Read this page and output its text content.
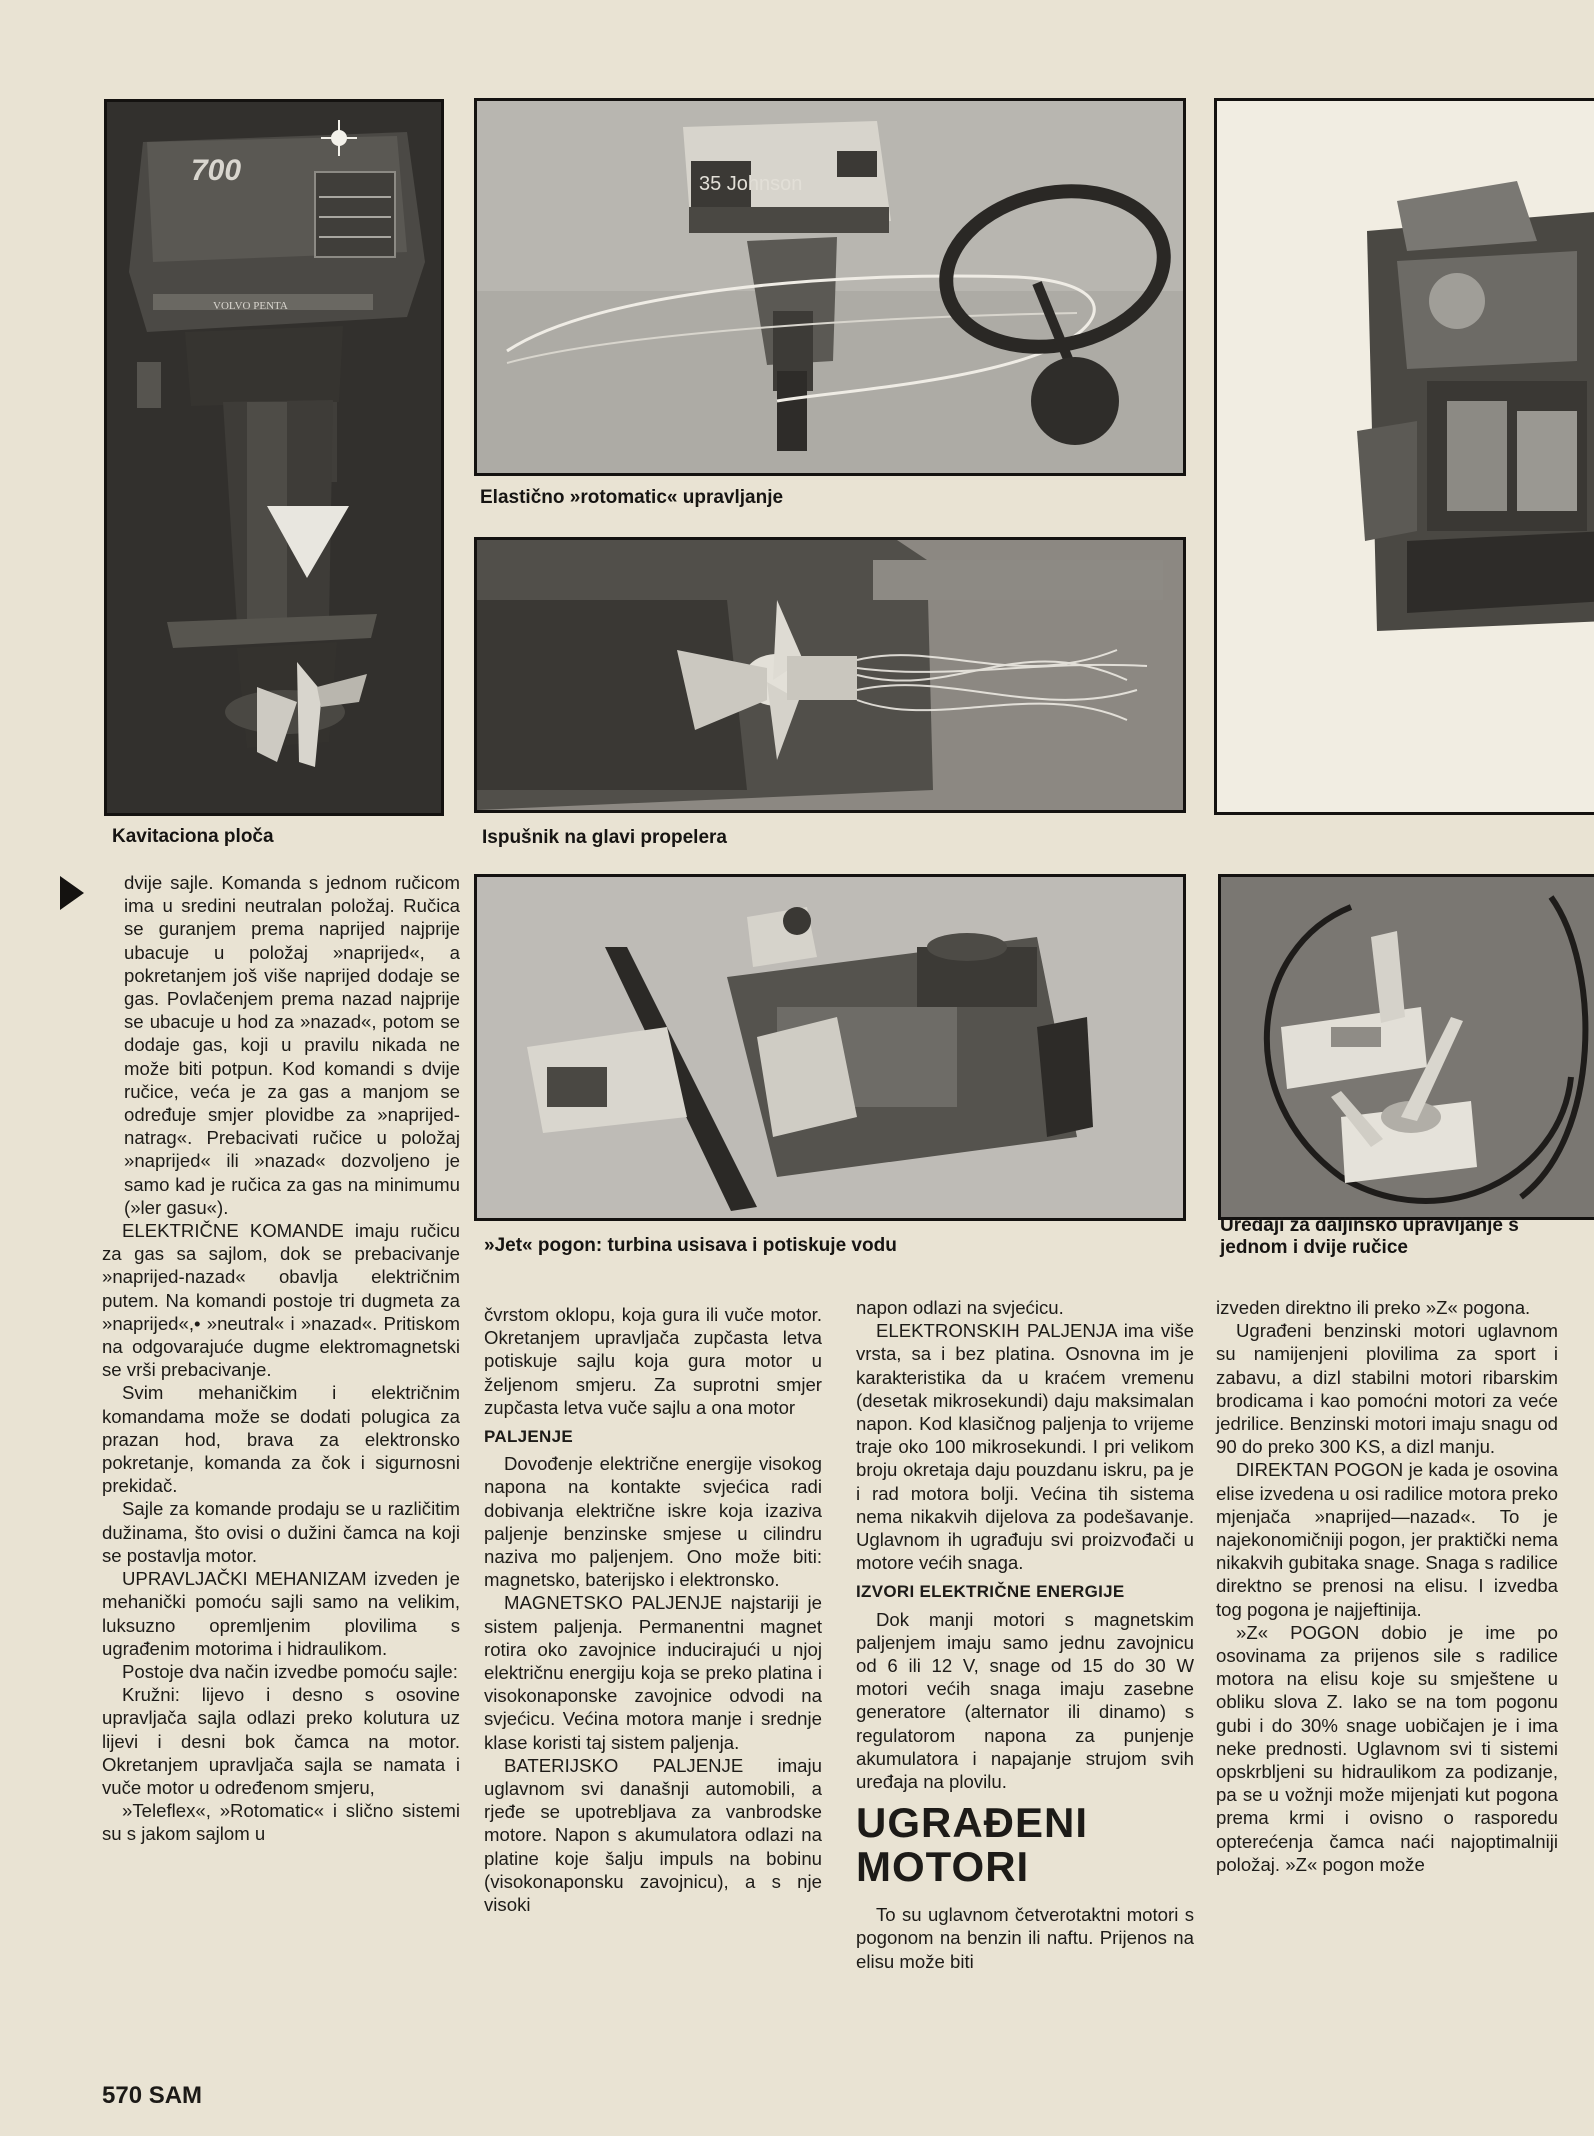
700
VOLVO PENTA
35 Johnson
Kavitaciona ploča
Elastično »rotomatic« upravljanje
Ispušnik na glavi propelera
»Jet« pogon: turbina usisava i potiskuje vodu
Uređaji za daljinsko upravljanje s jednom i dvije ručice

dvije sajle. Komanda s jednom ručicom ima u sredini neutralan položaj. Ručica se guranjem prema naprijed najprije ubacuje u položaj »naprijed«, a pokretanjem još više naprijed dodaje se gas. Povlačenjem prema nazad najprije se ubacuje u hod za »nazad«, potom se dodaje gas, koji u pravilu nikada ne može biti potpun. Kod komandi s dvije ručice, veća je za gas a manjom se određuje smjer plovidbe za »naprijed-natrag«. Prebacivati ručice u položaj »naprijed« ili »nazad« dozvoljeno je samo kad je ručica za gas na minimumu (»ler gasu«).

ELEKTRIČNE KOMANDE imaju ručicu za gas sa sajlom, dok se prebacivanje »naprijed-nazad« obavlja električnim putem. Na komandi postoje tri dugmeta za »naprijed«,• »neutral« i »nazad«. Pritiskom na odgovarajuće dugme elektromagnetski se vrši prebacivanje.

Svim mehaničkim i električnim komandama može se dodati polugica za prazan hod, brava za elektronsko pokretanje, komanda za čok i sigurnosni prekidač.

Sajle za komande prodaju se u različitim dužinama, što ovisi o dužini čamca na koji se postavlja motor.

UPRAVLJAČKI MEHANIZAM izveden je mehanički pomoću sajli samo na velikim, luksuzno opremljenim plovilima s ugrađenim motorima i hidraulikom.

Postoje dva način izvedbe pomoću sajle:

Kružni: lijevo i desno s osovine upravljača sajla odlazi preko kolutura uz lijevi i desni bok čamca na motor. Okretanjem upravljača sajla se namata i vuče motor u određenom smjeru,

»Teleflex«, »Rotomatic« i slično sistemi su s jakom sajlom u

čvrstom oklopu, koja gura ili vuče motor. Okretanjem upravljača zupčasta letva potiskuje sajlu koja gura motor u željenom smjeru. Za suprotni smjer zupčasta letva vuče sajlu a ona motor

PALJENJE

Dovođenje električne energije visokog napona na kontakte svjećica radi dobivanja električne iskre koja izaziva paljenje benzinske smjese u cilindru naziva mo paljenjem. Ono može biti: magnetsko, baterijsko i elektronsko.

MAGNETSKO PALJENJE najstariji je sistem paljenja. Permanentni magnet rotira oko zavojnice inducirajući u njoj električnu energiju koja se preko platina i visokonaponske zavojnice odvodi na svjećicu. Većina motora manje i srednje klase koristi taj sistem paljenja.

BATERIJSKO PALJENJE imaju uglavnom svi današnji automobili, a rjeđe se upotrebljava za vanbrodske motore. Napon s akumulatora odlazi na platine koje šalju impuls na bobinu (visokonaponsku zavojnicu), a s nje visoki

napon odlazi na svjećicu.

ELEKTRONSKIH PALJENJA ima više vrsta, sa i bez platina. Osnovna im je karakteristika da u kraćem vremenu (desetak mikrosekundi) daju maksimalan napon. Kod klasičnog paljenja to vrijeme traje oko 100 mikrosekundi. I pri velikom broju okretaja daju pouzdanu iskru, pa je i rad motora bolji. Većina tih sistema nema nikakvih dijelova za podešavanje. Uglavnom ih ugrađuju svi proizvođači u motore većih snaga.

IZVORI ELEKTRIČNE ENERGIJE

Dok manji motori s magnetskim paljenjem imaju samo jednu zavojnicu od 6 ili 12 V, snage od 15 do 30 W motori većih snaga imaju zasebne generatore (alternator ili dinamo) s regulatorom napona za punjenje akumulatora i napajanje strujom svih uređaja na plovilu.

UGRAĐENI
MOTORI

To su uglavnom četverotaktni motori s pogonom na benzin ili naftu. Prijenos na elisu može biti

izveden direktno ili preko »Z« pogona.

Ugrađeni benzinski motori uglavnom su namijenjeni plovilima za sport i zabavu, a dizl stabilni motori ribarskim brodicama i kao pomoćni motori za veće jedrilice. Benzinski motori imaju snagu od 90 do preko 300 KS, a dizl manju.

DIREKTAN POGON je kada je osovina elise izvedena u osi radilice motora preko mjenjača »naprijed—nazad«. To je najekonomičniji pogon, jer praktički nema nikakvih gubitaka snage. Snaga s radilice direktno se prenosi na elisu. I izvedba tog pogona je najjeftinija.

»Z« POGON dobio je ime po osovinama za prijenos sile s radilice motora na elisu koje su smještene u obliku slova Z. Iako se na tom pogonu gubi i do 30% snage uobičajen je i ima neke prednosti. Uglavnom svi ti sistemi opskrbljeni su hidraulikom za podizanje, pa se u vožnji može mijenjati kut pogona prema krmi i ovisno o rasporedu opterećenja čamca naći najoptimalniji položaj. »Z« pogon može

570 SAM
